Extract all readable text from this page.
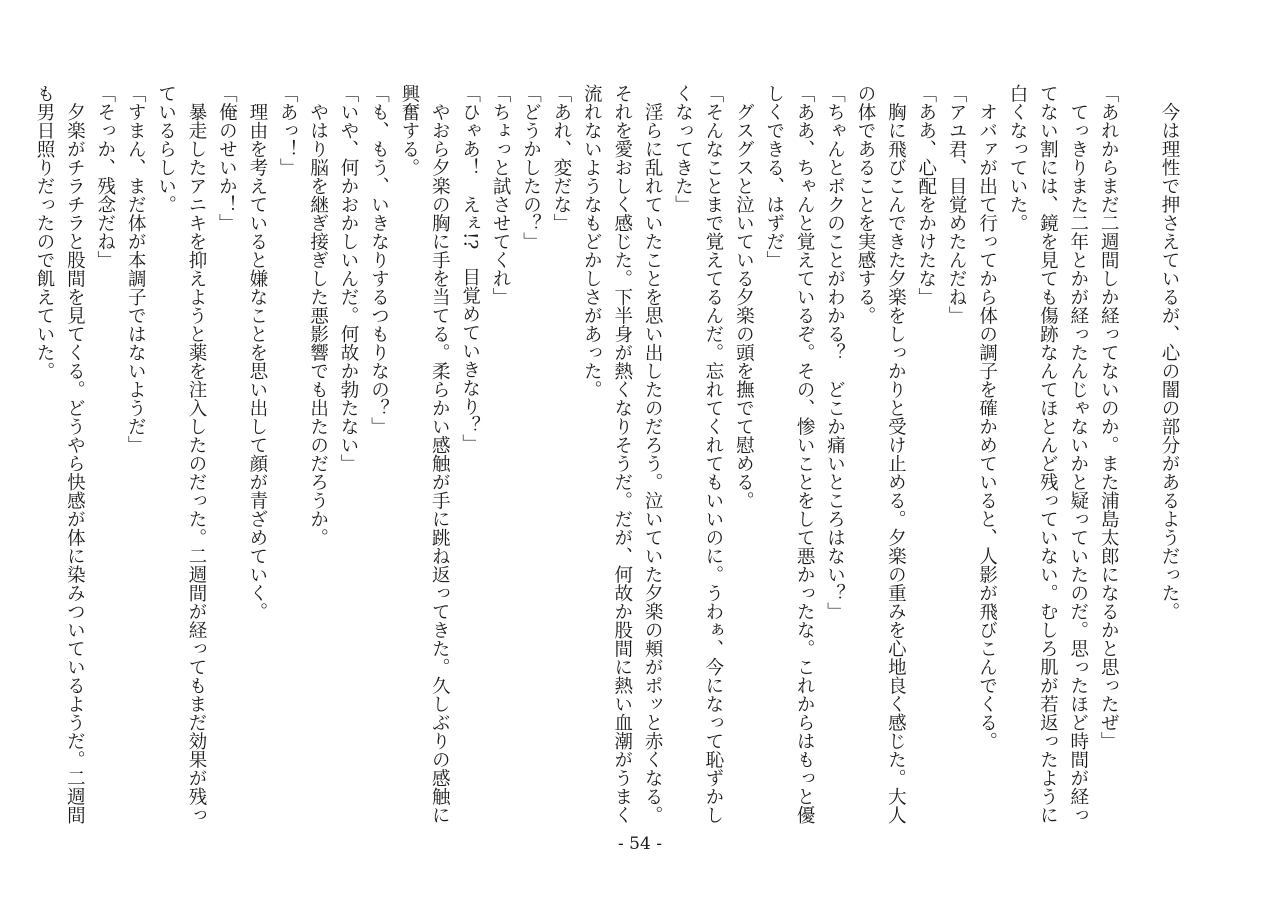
　今は理性で押さえているが、心の闇の部分があるようだった。

「あれからまだ二週間しか経ってないのか。また浦島太郎になるかと思ったぜ」

　てっきりまた二年とかが経ったんじゃないかと疑っていたのだ。思ったほど時間が経っ

てない割には、鏡を見ても傷跡なんてほとんど残っていない。むしろ肌が若返ったように

白くなっていた。

　オバァが出て行ってから体の調子を確かめていると、人影が飛びこんでくる。

「アユ君、目覚めたんだね」

「ああ、心配をかけたな」

　胸に飛びこんできた夕楽をしっかりと受け止める。夕楽の重みを心地良く感じた。大人

の体であることを実感する。

「ちゃんとボクのことがわかる？　どこか痛いところはない？」

「ああ、ちゃんと覚えているぞ。その、惨いことをして悪かったな。これからはもっと優

しくできる、はずだ」

　グスグスと泣いている夕楽の頭を撫でて慰める。

「そんなことまで覚えてるんだ。忘れてくれてもいいのに。うわぁ、今になって恥ずかし

くなってきた」

　淫らに乱れていたことを思い出したのだろう。泣いていた夕楽の頬がポッと赤くなる。

それを愛おしく感じた。下半身が熱くなりそうだ。だが、何故か股間に熱い血潮がうまく

流れないようなもどかしさがあった。

「あれ、変だな」

「どうかしたの？」

「ちょっと試させてくれ」

「ひゃあ！　えぇ!?　目覚めていきなり？」

　やおら夕楽の胸に手を当てる。柔らかい感触が手に跳ね返ってきた。久しぶりの感触に

興奮する。

「も、もう、いきなりするつもりなの？」

「いや、何かおかしいんだ。何故か勃たない」

　やはり脳を継ぎ接ぎした悪影響でも出たのだろうか。

「あっ！」

　理由を考えていると嫌なことを思い出して顔が青ざめていく。

「俺のせいか！」

　暴走したアニキを抑えようと薬を注入したのだった。二週間が経ってもまだ効果が残っ

ているらしい。

「すまん、まだ体が本調子ではないようだ」

「そっか、残念だね」

　夕楽がチラチラと股間を見てくる。どうやら快感が体に染みついているようだ。二週間

も男日照りだったので飢えていた。

- 54 -
